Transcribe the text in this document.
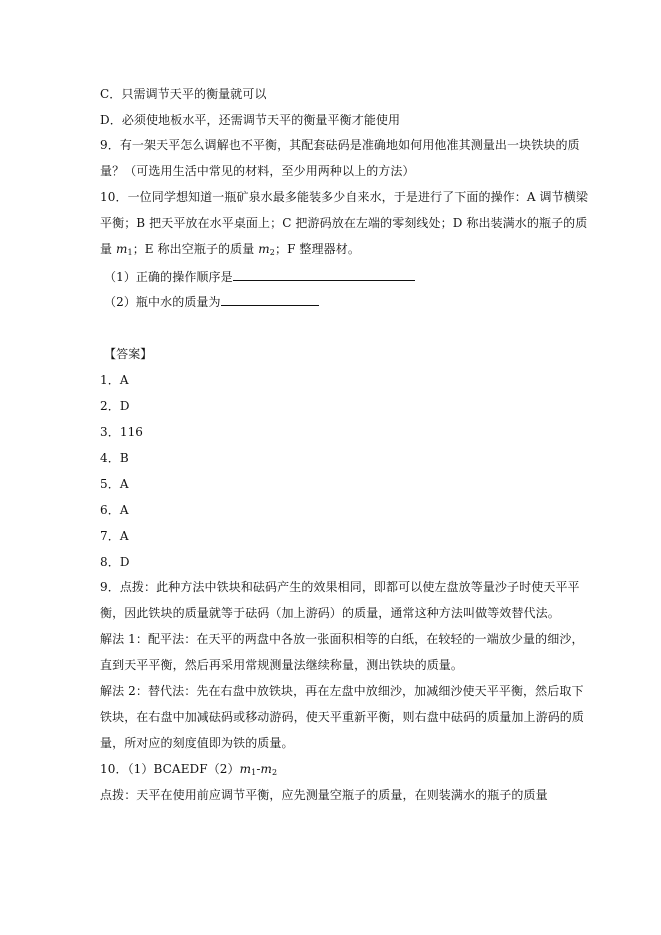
C．只需调节天平的衡量就可以
D．必须使地板水平，还需调节天平的衡量平衡才能使用
9．有一架天平怎么调解也不平衡，其配套砝码是准确地如何用他准其测量出一块铁块的质
量？（可选用生活中常见的材料，至少用两种以上的方法）
10．一位同学想知道一瓶矿泉水最多能装多少自来水，于是进行了下面的操作：A 调节横梁
平衡；B 把天平放在水平桌面上；C 把游码放在左端的零刻线处；D 称出装满水的瓶子的质
量 $m_1$；E 称出空瓶子的质量 $m_2$；F 整理器材。
（1）正确的操作顺序是
（2）瓶中水的质量为
【答案】
1．A
2．D
3．116
4．B
5．A
6．A
7．A
8．D
9．点拨：此种方法中铁块和砝码产生的效果相同，即都可以使左盘放等量沙子时使天平平
衡，因此铁块的质量就等于砝码（加上游码）的质量，通常这种方法叫做等效替代法。
解法 1：配平法：在天平的两盘中各放一张面积相等的白纸，在较轻的一端放少量的细沙，
直到天平平衡，然后再采用常规测量法继续称量，测出铁块的质量。
解法 2：替代法：先在右盘中放铁块，再在左盘中放细沙，加减细沙使天平平衡，然后取下
铁块，在右盘中加减砝码或移动游码，使天平重新平衡，则右盘中砝码的质量加上游码的质
量，所对应的刻度值即为铁的质量。
10．$(1)BCAEDF(2)m_1-m_2$
点拨：天平在使用前应调节平衡，应先测量空瓶子的质量，在则装满水的瓶子的质量
